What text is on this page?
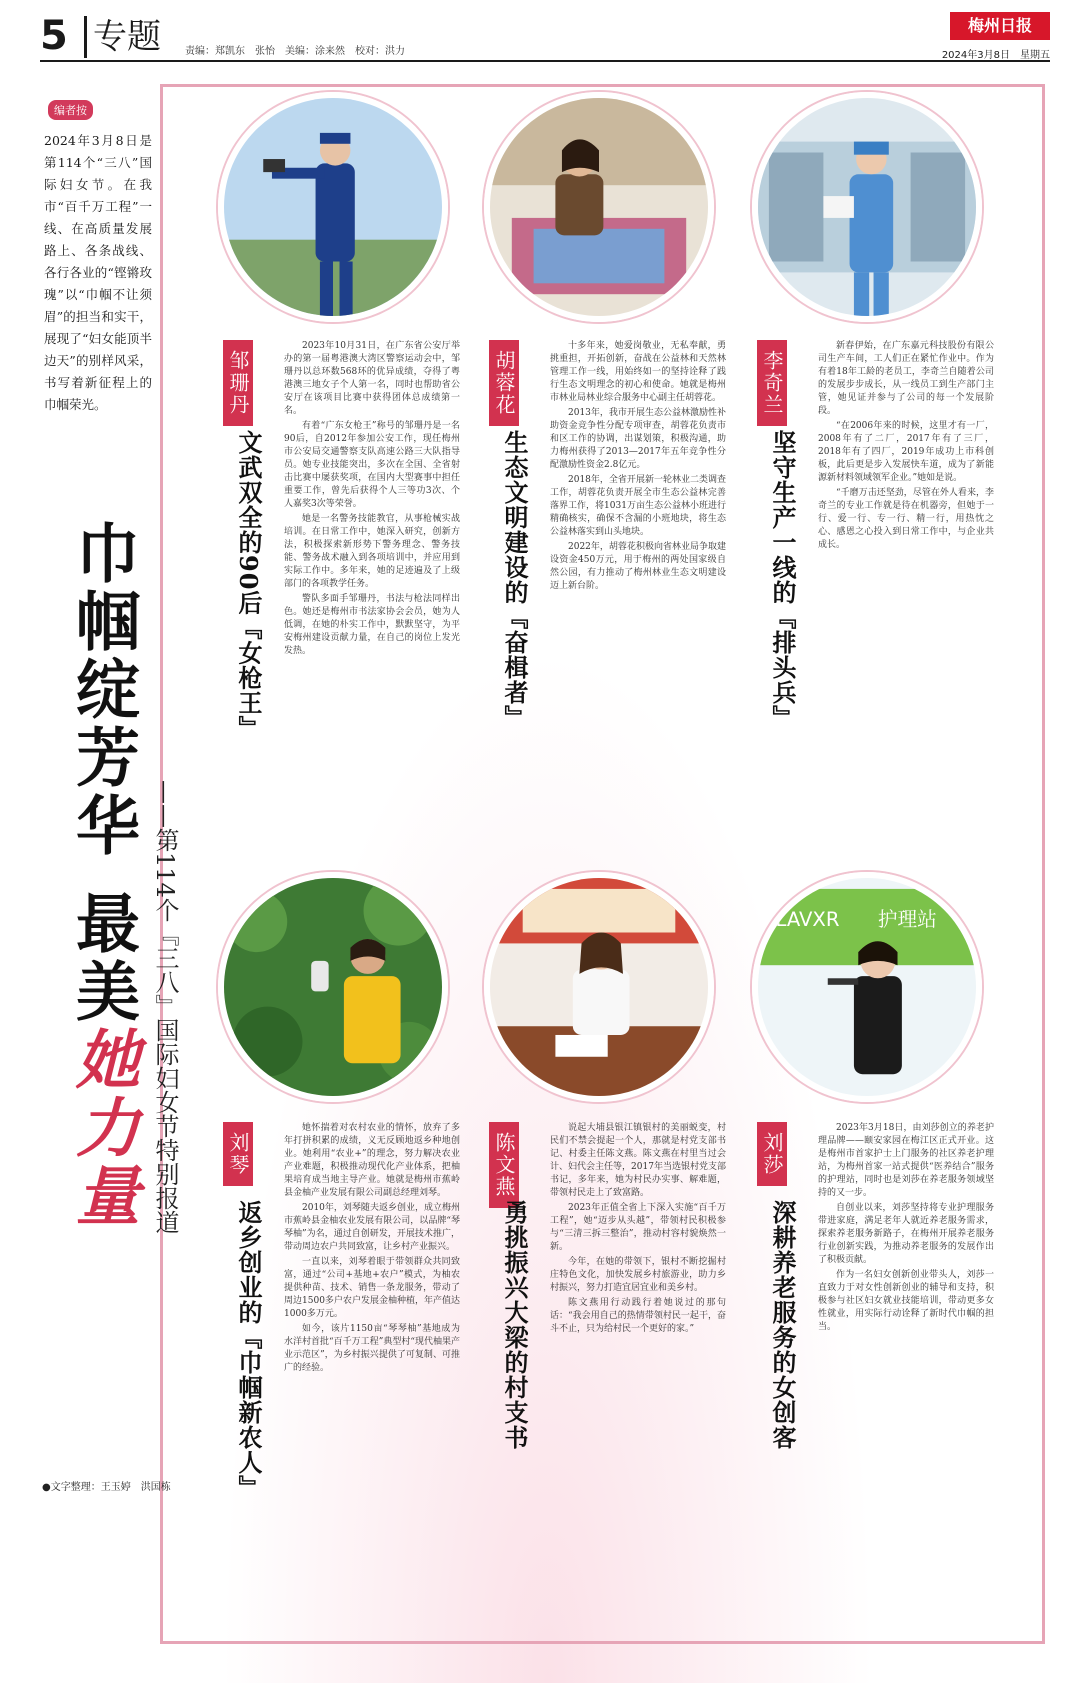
5 专题 责编：郑凯东　张怡　美编：涂来然　校对：洪力
梅州日报
2024年3月8日 星期五
编者按
2024年3月8日是第114个“三八”国际妇女节。在我市“百千万工程”一线、在高质量发展路上、各条战线、各行各业的“铿锵玫瑰”以“巾帼不让须眉”的担当和实干，展现了“妇女能顶半边天”的别样风采，书写着新征程上的巾帼荣光。
巾帼绽芳华最美她力量
——第114个『三八』国际妇女节特别报道
●文字整理：王玉婷　洪国栋
邹珊丹
文武双全的90后『女枪王』

2023年10月31日，在广东省公安厅举办的第一届粤港澳大湾区警察运动会中，邹珊丹以总环数568环的优异成绩，夺得了粤港澳三地女子个人第一名，同时也帮助省公安厅在该项目比赛中获得团体总成绩第一名。

有着“广东女枪王”称号的邹珊丹是一名90后，自2012年参加公安工作，现任梅州市公安局交通警察支队高速公路三大队指导员。她专业技能突出，多次在全国、全省射击比赛中屡获奖项，在国内大型赛事中担任重要工作，曾先后获得个人三等功3次、个人嘉奖3次等荣誉。

她是一名警务技能教官，从事枪械实战培训。在日常工作中，她深入研究，创新方法，积极探索新形势下警务理念、警务技能、警务战术融入到各项培训中，并应用到实际工作中。多年来，她的足迹遍及了上级部门的各项教学任务。

警队多面手邹珊丹，书法与枪法同样出色。她还是梅州市书法家协会会员，她为人低调，在她的朴实工作中，默默坚守，为平安梅州建设贡献力量，在自己的岗位上发光发热。

胡蓉花
生态文明建设的『奋楫者』

十多年来，她爱岗敬业，无私奉献，勇挑重担，开拓创新，奋战在公益林和天然林管理工作一线，用始终如一的坚持诠释了践行生态文明理念的初心和使命。她就是梅州市林业局林业综合服务中心副主任胡蓉花。

2013年，我市开展生态公益林激励性补助资金竞争性分配专项审查，胡蓉花负责市和区工作的协调，出谋划策，积极沟通，助力梅州获得了2013—2017年五年竞争性分配激励性资金2.8亿元。

2018年，全省开展新一轮林业二类调查工作，胡蓉花负责开展全市生态公益林完善落界工作，将1031万亩生态公益林小班进行精确核实，确保不含漏的小班地块，将生态公益林落实到山头地块。

2022年，胡蓉花积极向省林业局争取建设资金450万元，用于梅州的两处国家级自然公园，有力推动了梅州林业生态文明建设迈上新台阶。

李奇兰
坚守生产一线的『排头兵』

新春伊始，在广东嘉元科技股份有限公司生产车间，工人们正在紧忙作业中。作为有着18年工龄的老员工，李奇兰自随着公司的发展步步成长，从一线员工到生产部门主管，她见证并参与了公司的每一个发展阶段。

“在2006年来的时候，这里才有一厂，2008年有了二厂，2017年有了三厂，2018年有了四厂，2019年成功上市科创板，此后更是步入发展快车道，成为了新能源新材料领域领军企业。”她如是说。

“千磨万击还坚劲，尽管在外人看来，李奇兰的专业工作就是待在机器旁，但她于一行、爱一行、专一行、精一行，用热忱之心、感恩之心投入到日常工作中，与企业共成长。

刘琴
返乡创业的『巾帼新农人』

她怀揣着对农村农业的情怀，放弃了多年打拼积累的成绩，义无反顾地返乡种地创业。她利用“农业+”的理念，努力解决农业产业难题，积极推动现代化产业体系，把柚果培育成当地主导产业。她就是梅州市蕉岭县金柚产业发展有限公司副总经理刘琴。

2010年，刘琴随夫返乡创业，成立梅州市蕉岭县金柚农业发展有限公司，以品牌“琴琴柚”为名，通过自创研发，开展技术推广，带动周边农户共同致富，让乡村产业振兴。

一直以来，刘琴着眼于带领群众共同致富，通过“公司+基地+农户”模式，为柚农提供种苗、技术、销售一条龙服务，带动了周边1500多户农户发展金柚种植，年产值达1000多万元。

如今，该片1150亩“琴琴柚”基地成为水洋村首批“百千万工程”典型村“现代柚果产业示范区”，为乡村振兴提供了可复制、可推广的经验。

陈文燕
勇挑振兴大梁的村支书

说起大埔县银江镇银村的美丽蜕变，村民们不禁会提起一个人，那就是村党支部书记、村委主任陈文燕。陈文燕在村里当过会计、妇代会主任等，2017年当选银村党支部书记，多年来，她为村民办实事、解难题，带领村民走上了致富路。

2023年正值全省上下深入实施“百千万工程”，她“迈步从头越”，带领村民积极参与“三清三拆三整治”，推动村容村貌焕然一新。

今年，在她的带领下，银村不断挖掘村庄特色文化，加快发展乡村旅游业，助力乡村振兴，努力打造宜居宜业和美乡村。

陈文燕用行动践行着她说过的那句话：“我会用自己的热情带领村民一起干，奋斗不止，只为给村民一个更好的家。”

LAVXR	护理站
刘莎
深耕养老服务的女创客

2023年3月18日，由刘莎创立的养老护理品牌——颐安家园在梅江区正式开业。这是梅州市首家护士上门服务的社区养老护理站，为梅州首家一站式提供“医养结合”服务的护理站，同时也是刘莎在养老服务领域坚持的又一步。

自创业以来，刘莎坚持将专业护理服务带进家庭，满足老年人就近养老服务需求，探索养老服务新路子，在梅州开展养老服务行业创新实践，为推动养老服务的发展作出了积极贡献。

作为一名妇女创新创业带头人，刘莎一直致力于对女性创新创业的辅导和支持，积极参与社区妇女就业技能培训，带动更多女性就业，用实际行动诠释了新时代巾帼的担当。
